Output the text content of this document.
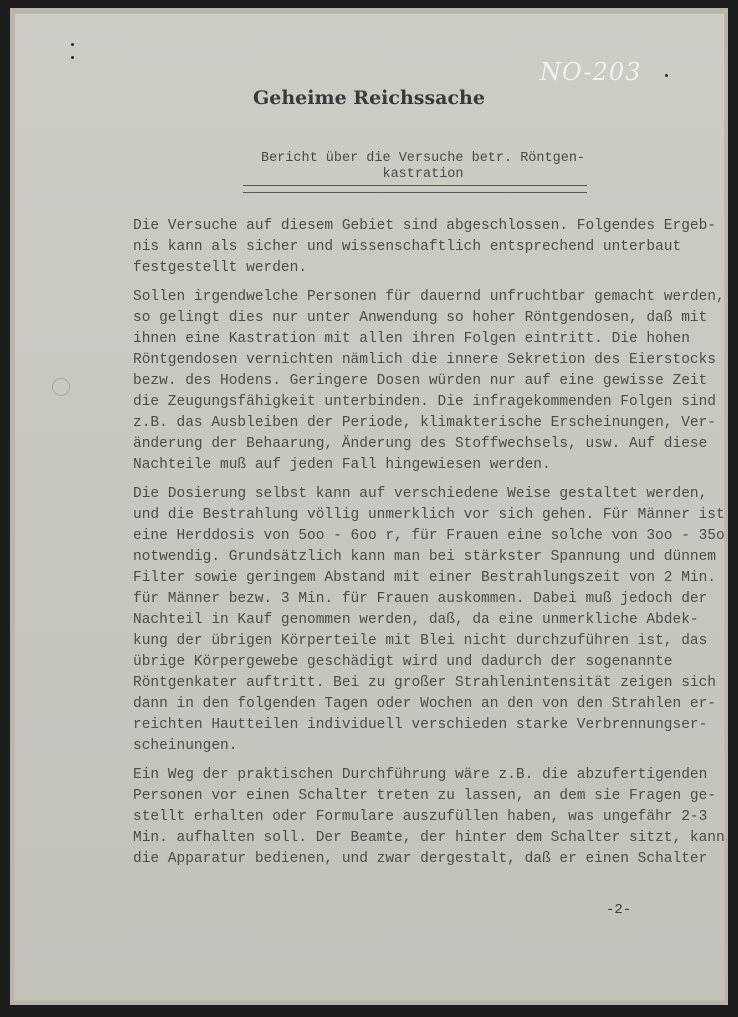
NO-203
Geheime Reichssache
Bericht über die Versuche betr. Röntgen-
kastration

Die Versuche auf diesem Gebiet sind abgeschlossen. Folgendes Ergeb-
nis kann als sicher und wissenschaftlich entsprechend unterbaut
festgestellt werden.

Sollen irgendwelche Personen für dauernd unfruchtbar gemacht werden,
so gelingt dies nur unter Anwendung so hoher Röntgendosen, daß mit
ihnen eine Kastration mit allen ihren Folgen eintritt. Die hohen
Röntgendosen vernichten nämlich die innere Sekretion des Eierstocks
bezw. des Hodens. Geringere Dosen würden nur auf eine gewisse Zeit
die Zeugungsfähigkeit unterbinden. Die infragekommenden Folgen sind
z.B. das Ausbleiben der Periode, klimakterische Erscheinungen, Ver-
änderung der Behaarung, Änderung des Stoffwechsels, usw. Auf diese
Nachteile muß auf jeden Fall hingewiesen werden.

Die Dosierung selbst kann auf verschiedene Weise gestaltet werden,
und die Bestrahlung völlig unmerklich vor sich gehen. Für Männer ist
eine Herddosis von 5oo - 6oo r, für Frauen eine solche von 3oo - 35o
notwendig. Grundsätzlich kann man bei stärkster Spannung und dünnem
Filter sowie geringem Abstand mit einer Bestrahlungszeit von 2 Min.
für Männer bezw. 3 Min. für Frauen auskommen. Dabei muß jedoch der
Nachteil in Kauf genommen werden, daß, da eine unmerkliche Abdek-
kung der übrigen Körperteile mit Blei nicht durchzuführen ist, das
übrige Körpergewebe geschädigt wird und dadurch der sogenannte
Röntgenkater auftritt. Bei zu großer Strahlenintensität zeigen sich
dann in den folgenden Tagen oder Wochen an den von den Strahlen er-
reichten Hautteilen individuell verschieden starke Verbrennungser-
scheinungen.

Ein Weg der praktischen Durchführung wäre z.B. die abzufertigenden
Personen vor einen Schalter treten zu lassen, an dem sie Fragen ge-
stellt erhalten oder Formulare auszufüllen haben, was ungefähr 2-3
Min. aufhalten soll. Der Beamte, der hinter dem Schalter sitzt, kann
die Apparatur bedienen, und zwar dergestalt, daß er einen Schalter

-2-
